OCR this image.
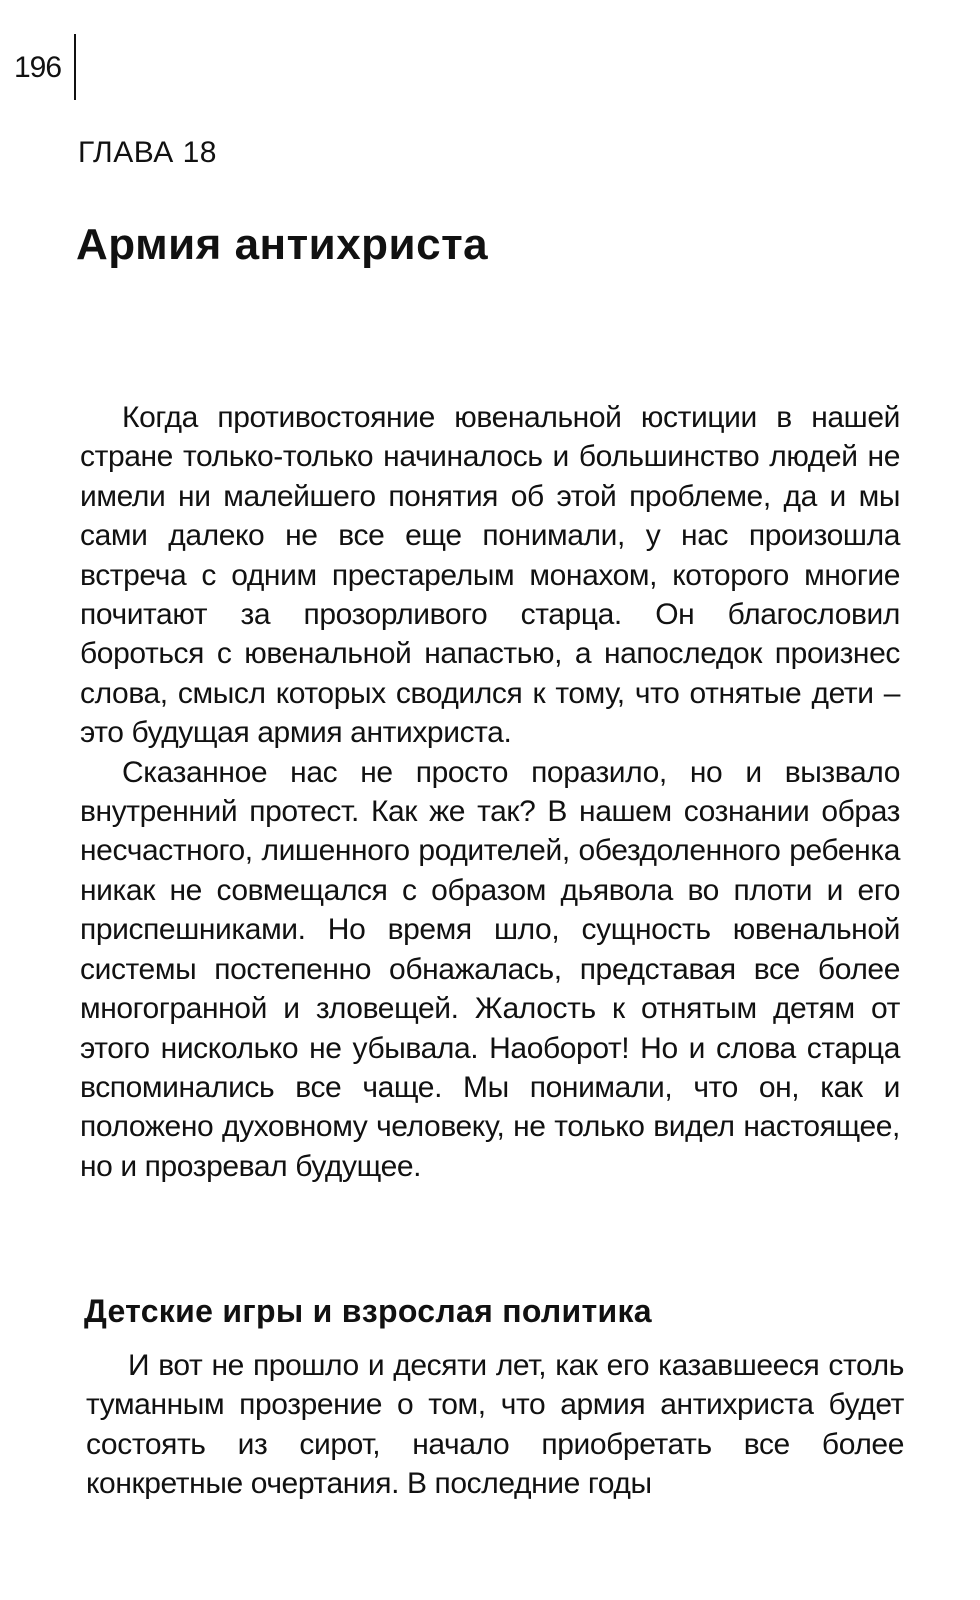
196
ГЛАВА 18
Армия антихриста

Когда противостояние ювенальной юстиции в нашей стране только-только начиналось и большинство людей не имели ни малейшего понятия об этой проблеме, да и мы сами далеко не все еще понимали, у нас произошла встреча с одним престарелым монахом, которого многие почитают за прозорливого старца. Он благословил бороться с ювенальной напастью, а напоследок произнес слова, смысл которых сводился к тому, что отнятые дети – это будущая армия антихриста.

Сказанное нас не просто поразило, но и вызвало внутренний протест. Как же так? В нашем сознании образ несчастного, лишенного родителей, обездоленного ребенка никак не совмещался с образом дьявола во плоти и его приспешниками. Но время шло, сущность ювенальной системы постепенно обнажалась, представая все более многогранной и зловещей. Жалость к отнятым детям от этого нисколько не убывала. Наоборот! Но и слова старца вспоминались все чаще. Мы понимали, что он, как и положено духовному человеку, не только видел настоящее, но и прозревал будущее.

Детские игры и взрослая политика

И вот не прошло и десяти лет, как его казавшееся столь туманным прозрение о том, что армия антихриста будет состоять из сирот, начало приобретать все более конкретные очертания. В последние годы
